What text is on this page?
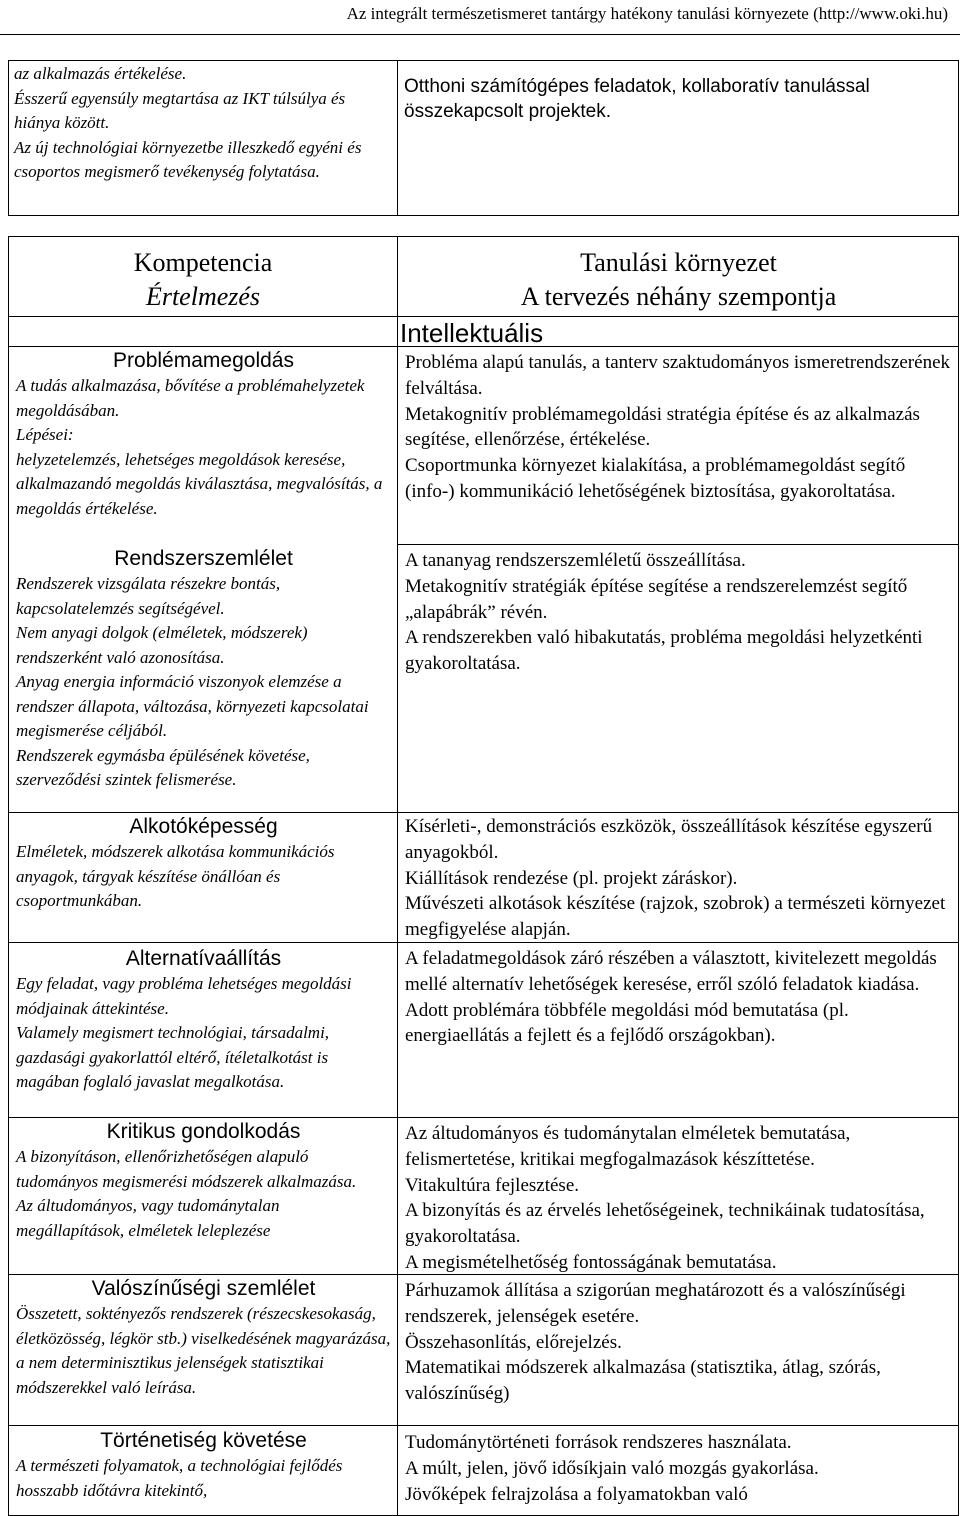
Az integrált természetismeret tantárgy hatékony tanulási környezete (http://www.oki.hu)

az alkalmazás értékelése.

Ésszerű egyensúly megtartása az IKT túlsúlya és hiánya között.

Az új technológiai környezetbe illeszkedő egyéni és csoportos megismerő tevékenység folytatása.

Otthoni számítógépes feladatok, kollaboratív tanulással összekapcsolt projektek.

Kompetencia
Értelmezés
Tanulási környezet
A tervezés néhány szempontja
Intellektuális
Problémamegoldás

A tudás alkalmazása, bővítése a problémahelyzetek megoldásában.

Lépései:

helyzetelemzés, lehetséges megoldások keresése, alkalmazandó megoldás kiválasztása, megvalósítás, a megoldás értékelése.

Probléma alapú tanulás, a tanterv szaktudományos ismeretrendszerének felváltása.

Metakognitív problémamegoldási stratégia építése és az alkalmazás segítése, ellenőrzése, értékelése.

Csoportmunka környezet kialakítása, a problémamegoldást segítő (info-) kommunikáció lehetőségének biztosítása, gyakoroltatása.

Rendszerszemlélet

Rendszerek vizsgálata részekre bontás, kapcsolatelemzés segítségével.

Nem anyagi dolgok (elméletek, módszerek) rendszerként való azonosítása.

Anyag energia információ viszonyok elemzése a rendszer állapota, változása, környezeti kapcsolatai megismerése céljából.

Rendszerek egymásba épülésének követése, szerveződési szintek felismerése.

A tananyag rendszerszemléletű összeállítása.

Metakognitív stratégiák építése segítése a rendszerelemzést segítő „alapábrák” révén.

A rendszerekben való hibakutatás, probléma megoldási helyzetkénti gyakoroltatása.

Alkotóképesség

Elméletek, módszerek alkotása kommunikációs anyagok, tárgyak készítése önállóan és csoportmunkában.

Kísérleti-, demonstrációs eszközök, összeállítások készítése egyszerű anyagokból.

Kiállítások rendezése (pl. projekt záráskor).

Művészeti alkotások készítése (rajzok, szobrok) a természeti környezet megfigyelése alapján.

Alternatívaállítás

Egy feladat, vagy probléma lehetséges megoldási módjainak áttekintése.

Valamely megismert technológiai, társadalmi, gazdasági gyakorlattól eltérő, ítéletalkotást is magában foglaló javaslat megalkotása.

A feladatmegoldások záró részében a választott, kivitelezett megoldás mellé alternatív lehetőségek keresése, erről szóló feladatok kiadása.

Adott problémára többféle megoldási mód bemutatása (pl. energiaellátás a fejlett és a fejlődő országokban).

Kritikus gondolkodás

A bizonyításon, ellenőrizhetőségen alapuló tudományos megismerési módszerek alkalmazása.

Az áltudományos, vagy tudománytalan megállapítások, elméletek leleplezése

Az áltudományos és tudománytalan elméletek bemutatása, felismertetése, kritikai megfogalmazások készíttetése.

Vitakultúra fejlesztése.

A bizonyítás és az érvelés lehetőségeinek, technikáinak tudatosítása, gyakoroltatása.

A megismételhetőség fontosságának bemutatása.

Valószínűségi szemlélet

Összetett, soktényezős rendszerek (részecskesokaság, életközösség, légkör stb.) viselkedésének magyarázása, a nem determinisztikus jelenségek statisztikai módszerekkel való leírása.

Párhuzamok állítása a szigorúan meghatározott és a valószínűségi rendszerek, jelenségek esetére.

Összehasonlítás, előrejelzés.

Matematikai módszerek alkalmazása (statisztika, átlag, szórás, valószínűség)

Történetiség követése

A természeti folyamatok, a technológiai fejlődés hosszabb időtávra kitekintő,

Tudománytörténeti források rendszeres használata.

A múlt, jelen, jövő idősíkjain való mozgás gyakorlása.

Jövőképek felrajzolása a folyamatokban való
